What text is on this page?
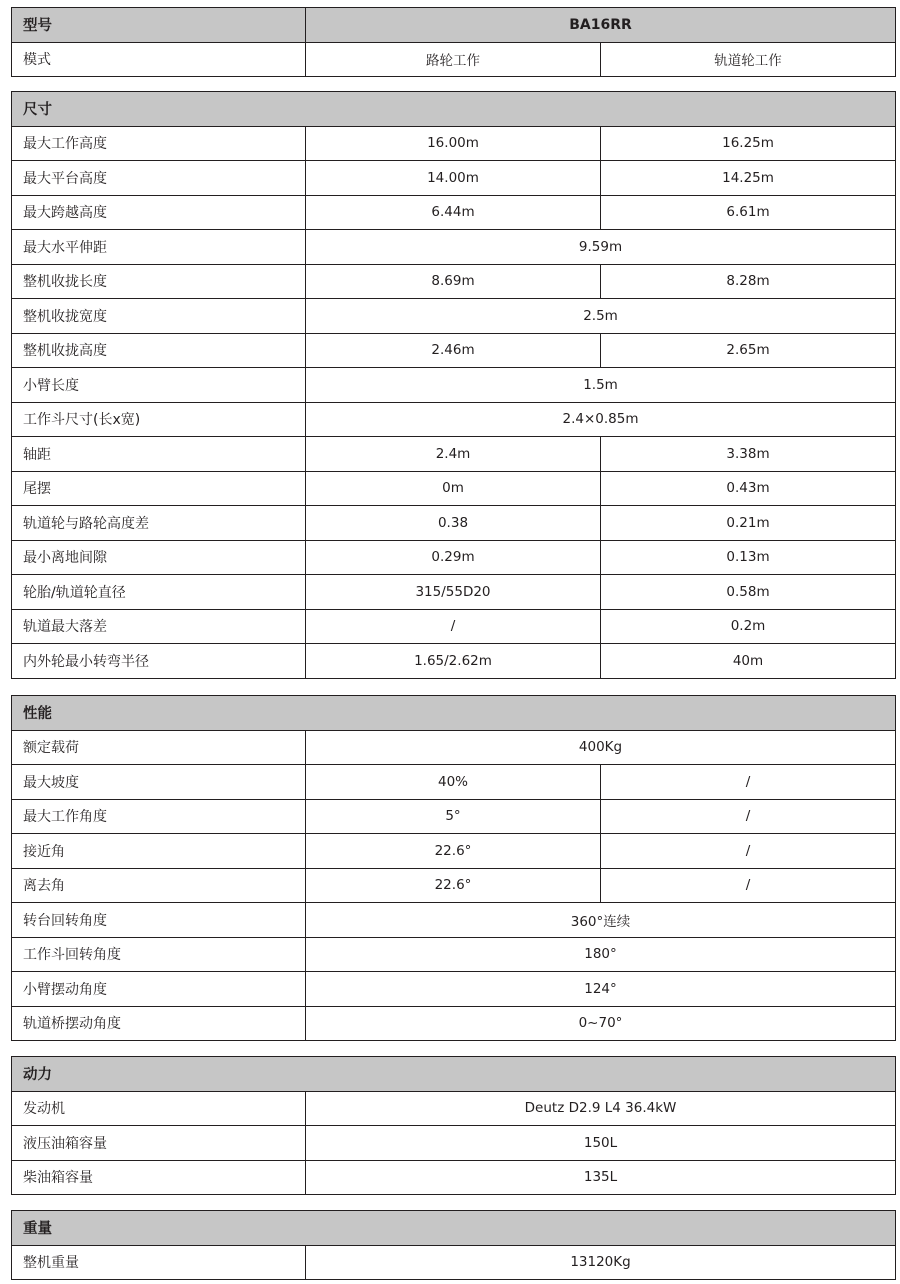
型号	BA16RR	
模式	路轮工作	轨道轮工作
尺寸		
最大工作高度	16.00m	16.25m
最大平台高度	14.00m	14.25m
最大跨越高度	6.44m	6.61m
最大水平伸距	9.59m	
整机收拢长度	8.69m	8.28m
整机收拢宽度	2.5m	
整机收拢高度	2.46m	2.65m
小臂长度	1.5m	
工作斗尺寸(长x宽)	2.4×0.85m	
轴距	2.4m	3.38m
尾摆	0m	0.43m
轨道轮与路轮高度差	0.38	0.21m
最小离地间隙	0.29m	0.13m
轮胎/轨道轮直径	315/55D20	0.58m
轨道最大落差	/	0.2m
内外轮最小转弯半径	1.65/2.62m	40m
性能		
额定载荷	400Kg	
最大坡度	40%	/
最大工作角度	5°	/
接近角	22.6°	/
离去角	22.6°	/
转台回转角度	360°连续	
工作斗回转角度	180°	
小臂摆动角度	124°	
轨道桥摆动角度	0~70°	
动力	
发动机	Deutz D2.9 L4 36.4kW
液压油箱容量	150L
柴油箱容量	135L
重量
整机重量	13120Kg
